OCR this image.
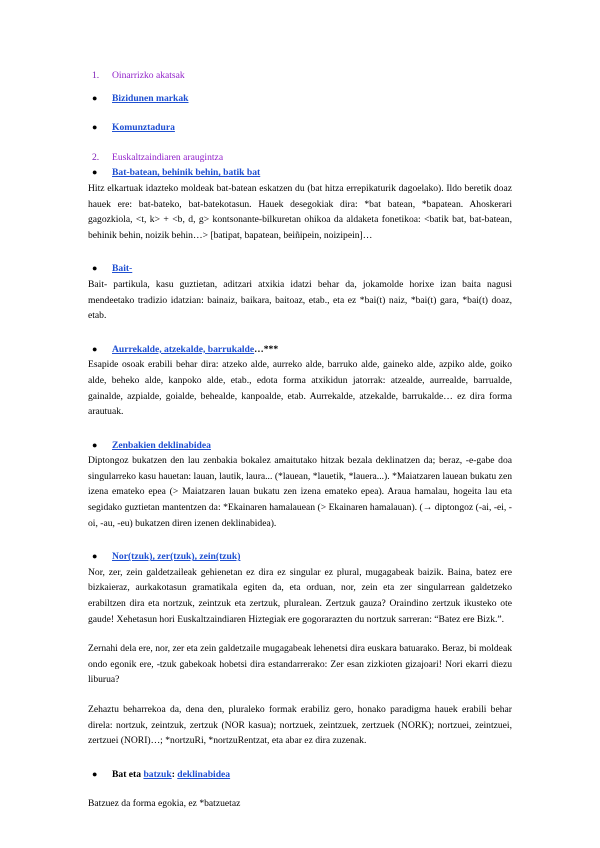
1.	Oinarrizko akatsak
●	Bizidunen markak
●	Komunztadura
2.	Euskaltzaindiaren araugintza
●	Bat-batean, behinik behin, batik bat

Hitz elkartuak idazteko moldeak bat-batean eskatzen du (bat hitza errepikaturik dagoelako). Ildo beretik doaz hauek ere: bat-bateko, bat-batekotasun. Hauek desegokiak dira: *bat batean, *bapatean. Ahoskerari gagozkiola, <t, k> + <b, d, g> kontsonante-bilkuretan ohikoa da aldaketa fonetikoa: <batik bat, bat-batean, behinik behin, noizik behin…> [batipat, bapatean, beiñipein, noizipein]…

●	Bait-

Bait- partikula, kasu guztietan, aditzari atxikia idatzi behar da, jokamolde horixe izan baita nagusi mendeetako tradizio idatzian: bainaiz, baikara, baitoaz, etab., eta ez *bai(t) naiz, *bai(t) gara, *bai(t) doaz, etab.

●	Aurrekalde, atzekalde, barrukalde…***

Esapide osoak erabili behar dira: atzeko alde, aurreko alde, barruko alde, gaineko alde, azpiko alde, goiko alde, beheko alde, kanpoko alde, etab., edota forma atxikidun jatorrak: atzealde, aurrealde, barrualde, gainalde, azpialde, goialde, behealde, kanpoalde, etab. Aurrekalde, atzekalde, barrukalde… ez dira forma arautuak.

●	Zenbakien deklinabidea

Diptongoz bukatzen den lau zenbakia bokalez amaitutako hitzak bezala deklinatzen da; beraz, -e-gabe doa singularreko kasu hauetan: lauan, lautik, laura... (*lauean, *lauetik, *lauera...). *Maiatzaren lauean bukatu zen izena emateko epea (> Maiatzaren lauan bukatu zen izena emateko epea). Araua hamalau, hogeita lau eta segidako guztietan mantentzen da: *Ekainaren hamalauean (> Ekainaren hamalauan). (→ diptongoz (-ai, -ei, -oi, -au, -eu) bukatzen diren izenen deklinabidea).

●	Nor(tzuk), zer(tzuk), zein(tzuk)

Nor, zer, zein galdetzaileak gehienetan ez dira ez singular ez plural, mugagabeak baizik. Baina, batez ere bizkaieraz, aurkakotasun gramatikala egiten da, eta orduan, nor, zein eta zer singularrean galdetzeko erabiltzen dira eta nortzuk, zeintzuk eta zertzuk, pluralean. Zertzuk gauza? Oraindino zertzuk ikusteko ote gaude! Xehetasun hori Euskaltzaindiaren Hiztegiak ere gogorarazten du nortzuk sarreran: “Batez ere Bizk.”.

Zernahi dela ere, nor, zer eta zein galdetzaile mugagabeak lehenetsi dira euskara batuarako. Beraz, bi moldeak ondo egonik ere, -tzuk gabekoak hobetsi dira estandarrerako: Zer esan zizkioten gizajoari! Nori ekarri diezu liburua?

Zehaztu beharrekoa da, dena den, pluraleko formak erabiliz gero, honako paradigma hauek erabili behar direla: nortzuk, zeintzuk, zertzuk (NOR kasua); nortzuek, zeintzuek, zertzuek (NORK); nortzuei, zeintzuei, zertzuei (NORI)…; *nortzuRi, *nortzuRentzat, eta abar ez dira zuzenak.

●	Bat eta batzuk: deklinabidea

Batzuez da forma egokia, ez *batzuetaz
